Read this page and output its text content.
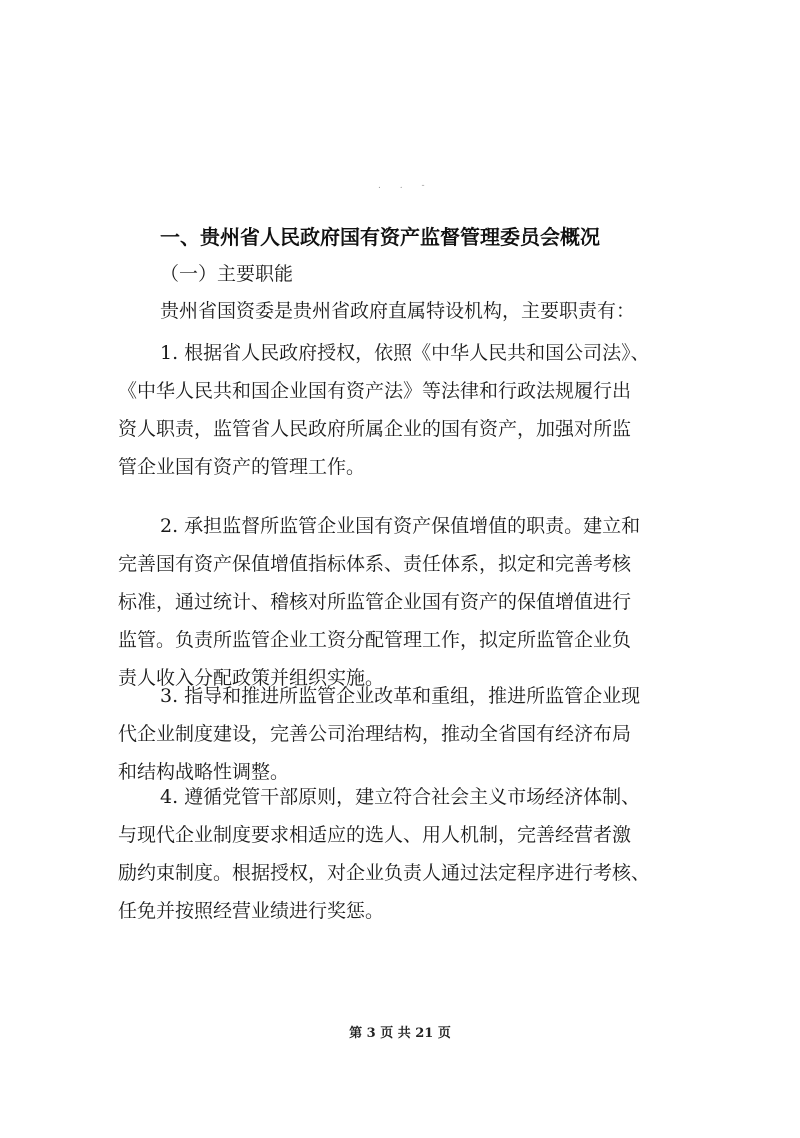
. . -
一、贵州省人民政府国有资产监督管理委员会概况
（一）主要职能
贵州省国资委是贵州省政府直属特设机构，主要职责有：
1. 根据省人民政府授权，依照《中华人民共和国公司法》、
《中华人民共和国企业国有资产法》等法律和行政法规履行出
资人职责，监管省人民政府所属企业的国有资产，加强对所监
管企业国有资产的管理工作。
2. 承担监督所监管企业国有资产保值增值的职责。建立和
完善国有资产保值增值指标体系、责任体系，拟定和完善考核
标准，通过统计、稽核对所监管企业国有资产的保值增值进行
监管。负责所监管企业工资分配管理工作，拟定所监管企业负
责人收入分配政策并组织实施。
3. 指导和推进所监管企业改革和重组，推进所监管企业现
代企业制度建设，完善公司治理结构，推动全省国有经济布局
和结构战略性调整。
4. 遵循党管干部原则，建立符合社会主义市场经济体制、
与现代企业制度要求相适应的选人、用人机制，完善经营者激
励约束制度。根据授权，对企业负责人通过法定程序进行考核、
任免并按照经营业绩进行奖惩。
第 3 页 共 21 页
